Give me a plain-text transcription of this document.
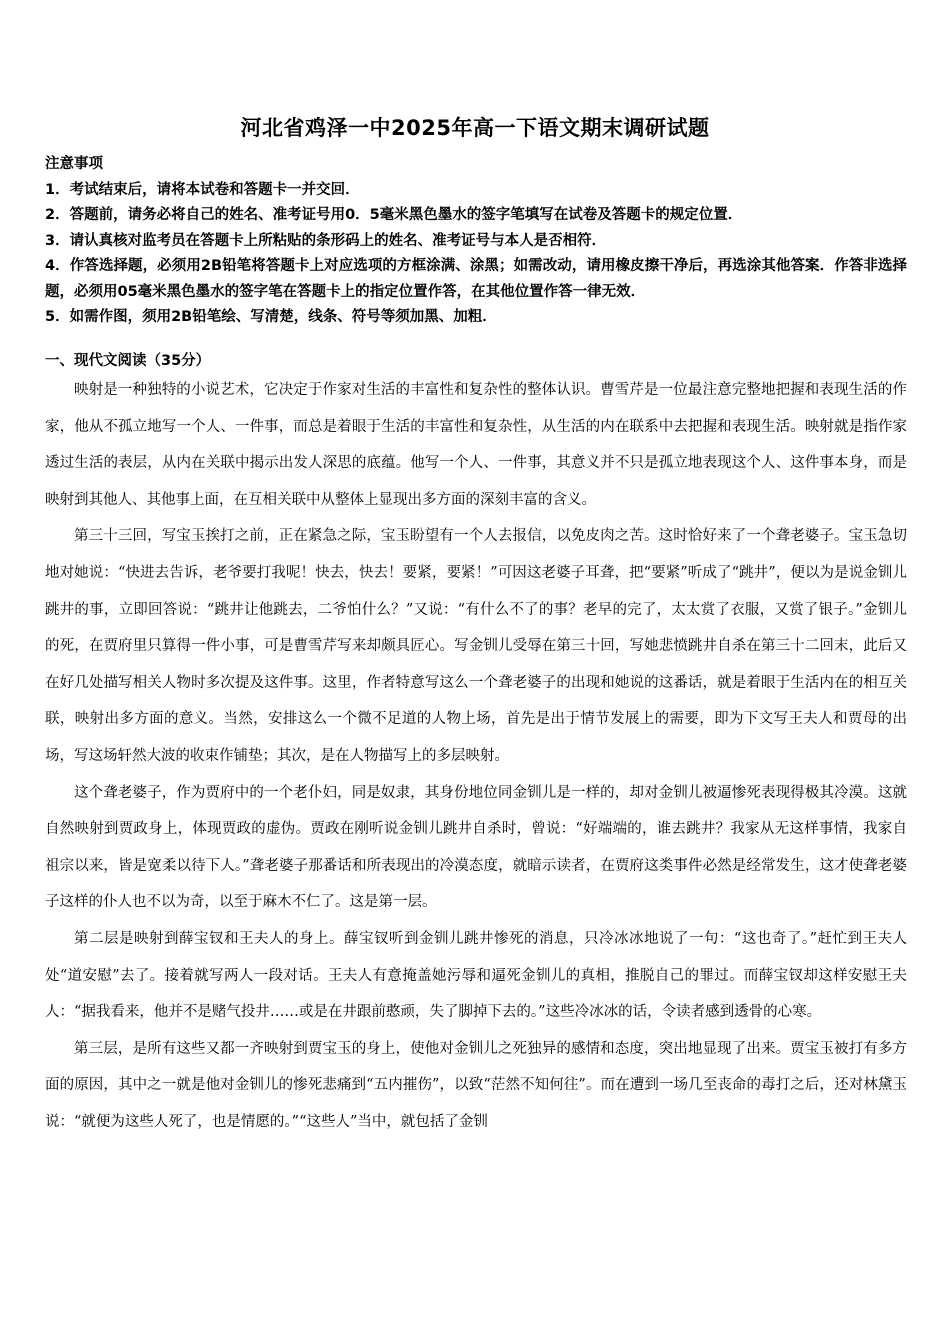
河北省鸡泽一中2025年高一下语文期末调研试题
注意事项
1．考试结束后，请将本试卷和答题卡一并交回．
2．答题前，请务必将自己的姓名、准考证号用0．5毫米黑色墨水的签字笔填写在试卷及答题卡的规定位置．
3．请认真核对监考员在答题卡上所粘贴的条形码上的姓名、准考证号与本人是否相符．
4．作答选择题，必须用2B铅笔将答题卡上对应选项的方框涂满、涂黑；如需改动，请用橡皮擦干净后，再选涂其他答案．作答非选择题，必须用05毫米黑色墨水的签字笔在答题卡上的指定位置作答，在其他位置作答一律无效．
5．如需作图，须用2B铅笔绘、写清楚，线条、符号等须加黑、加粗．
一、现代文阅读（35分）

映射是一种独特的小说艺术，它决定于作家对生活的丰富性和复杂性的整体认识。曹雪芹是一位最注意完整地把握和表现生活的作家，他从不孤立地写一个人、一件事，而总是着眼于生活的丰富性和复杂性，从生活的内在联系中去把握和表现生活。映射就是指作家透过生活的表层，从内在关联中揭示出发人深思的底蕴。他写一个人、一件事，其意义并不只是孤立地表现这个人、这件事本身，而是映射到其他人、其他事上面，在互相关联中从整体上显现出多方面的深刻丰富的含义。

第三十三回，写宝玉挨打之前，正在紧急之际，宝玉盼望有一个人去报信，以免皮肉之苦。这时恰好来了一个聋老婆子。宝玉急切地对她说：“快进去告诉，老爷要打我呢！快去，快去！要紧，要紧！”可因这老婆子耳聋，把“要紧”听成了“跳井”，便以为是说金钏儿跳井的事，立即回答说：“跳井让他跳去，二爷怕什么？”又说：“有什么不了的事？老早的完了，太太赏了衣服，又赏了银子。”金钏儿的死，在贾府里只算得一件小事，可是曹雪芹写来却颇具匠心。写金钏儿受辱在第三十回，写她悲愤跳井自杀在第三十二回末，此后又在好几处描写相关人物时多次提及这件事。这里，作者特意写这么一个聋老婆子的出现和她说的这番话，就是着眼于生活内在的相互关联，映射出多方面的意义。当然，安排这么一个微不足道的人物上场，首先是出于情节发展上的需要，即为下文写王夫人和贾母的出场，写这场轩然大波的收束作铺垫；其次，是在人物描写上的多层映射。

这个聋老婆子，作为贾府中的一个老仆妇，同是奴隶，其身份地位同金钏儿是一样的，却对金钏儿被逼惨死表现得极其冷漠。这就自然映射到贾政身上，体现贾政的虚伪。贾政在刚听说金钏儿跳井自杀时，曾说：“好端端的，谁去跳井？我家从无这样事情，我家自祖宗以来，皆是宽柔以待下人。”聋老婆子那番话和所表现出的冷漠态度，就暗示读者，在贾府这类事件必然是经常发生，这才使聋老婆子这样的仆人也不以为奇，以至于麻木不仁了。这是第一层。

第二层是映射到薛宝钗和王夫人的身上。薛宝钗听到金钏儿跳井惨死的消息，只冷冰冰地说了一句：“这也奇了。”赶忙到王夫人处“道安慰”去了。接着就写两人一段对话。王夫人有意掩盖她污辱和逼死金钏儿的真相，推脱自己的罪过。而薛宝钗却这样安慰王夫人：“据我看来，他并不是赌气投井……或是在井跟前憨顽，失了脚掉下去的。”这些冷冰冰的话，令读者感到透骨的心寒。

第三层，是所有这些又都一齐映射到贾宝玉的身上，使他对金钏儿之死独异的感情和态度，突出地显现了出来。贾宝玉被打有多方面的原因，其中之一就是他对金钏儿的惨死悲痛到“五内摧伤”，以致“茫然不知何往”。而在遭到一场几至丧命的毒打之后，还对林黛玉说：“就便为这些人死了，也是情愿的。”“这些人”当中，就包括了金钏
